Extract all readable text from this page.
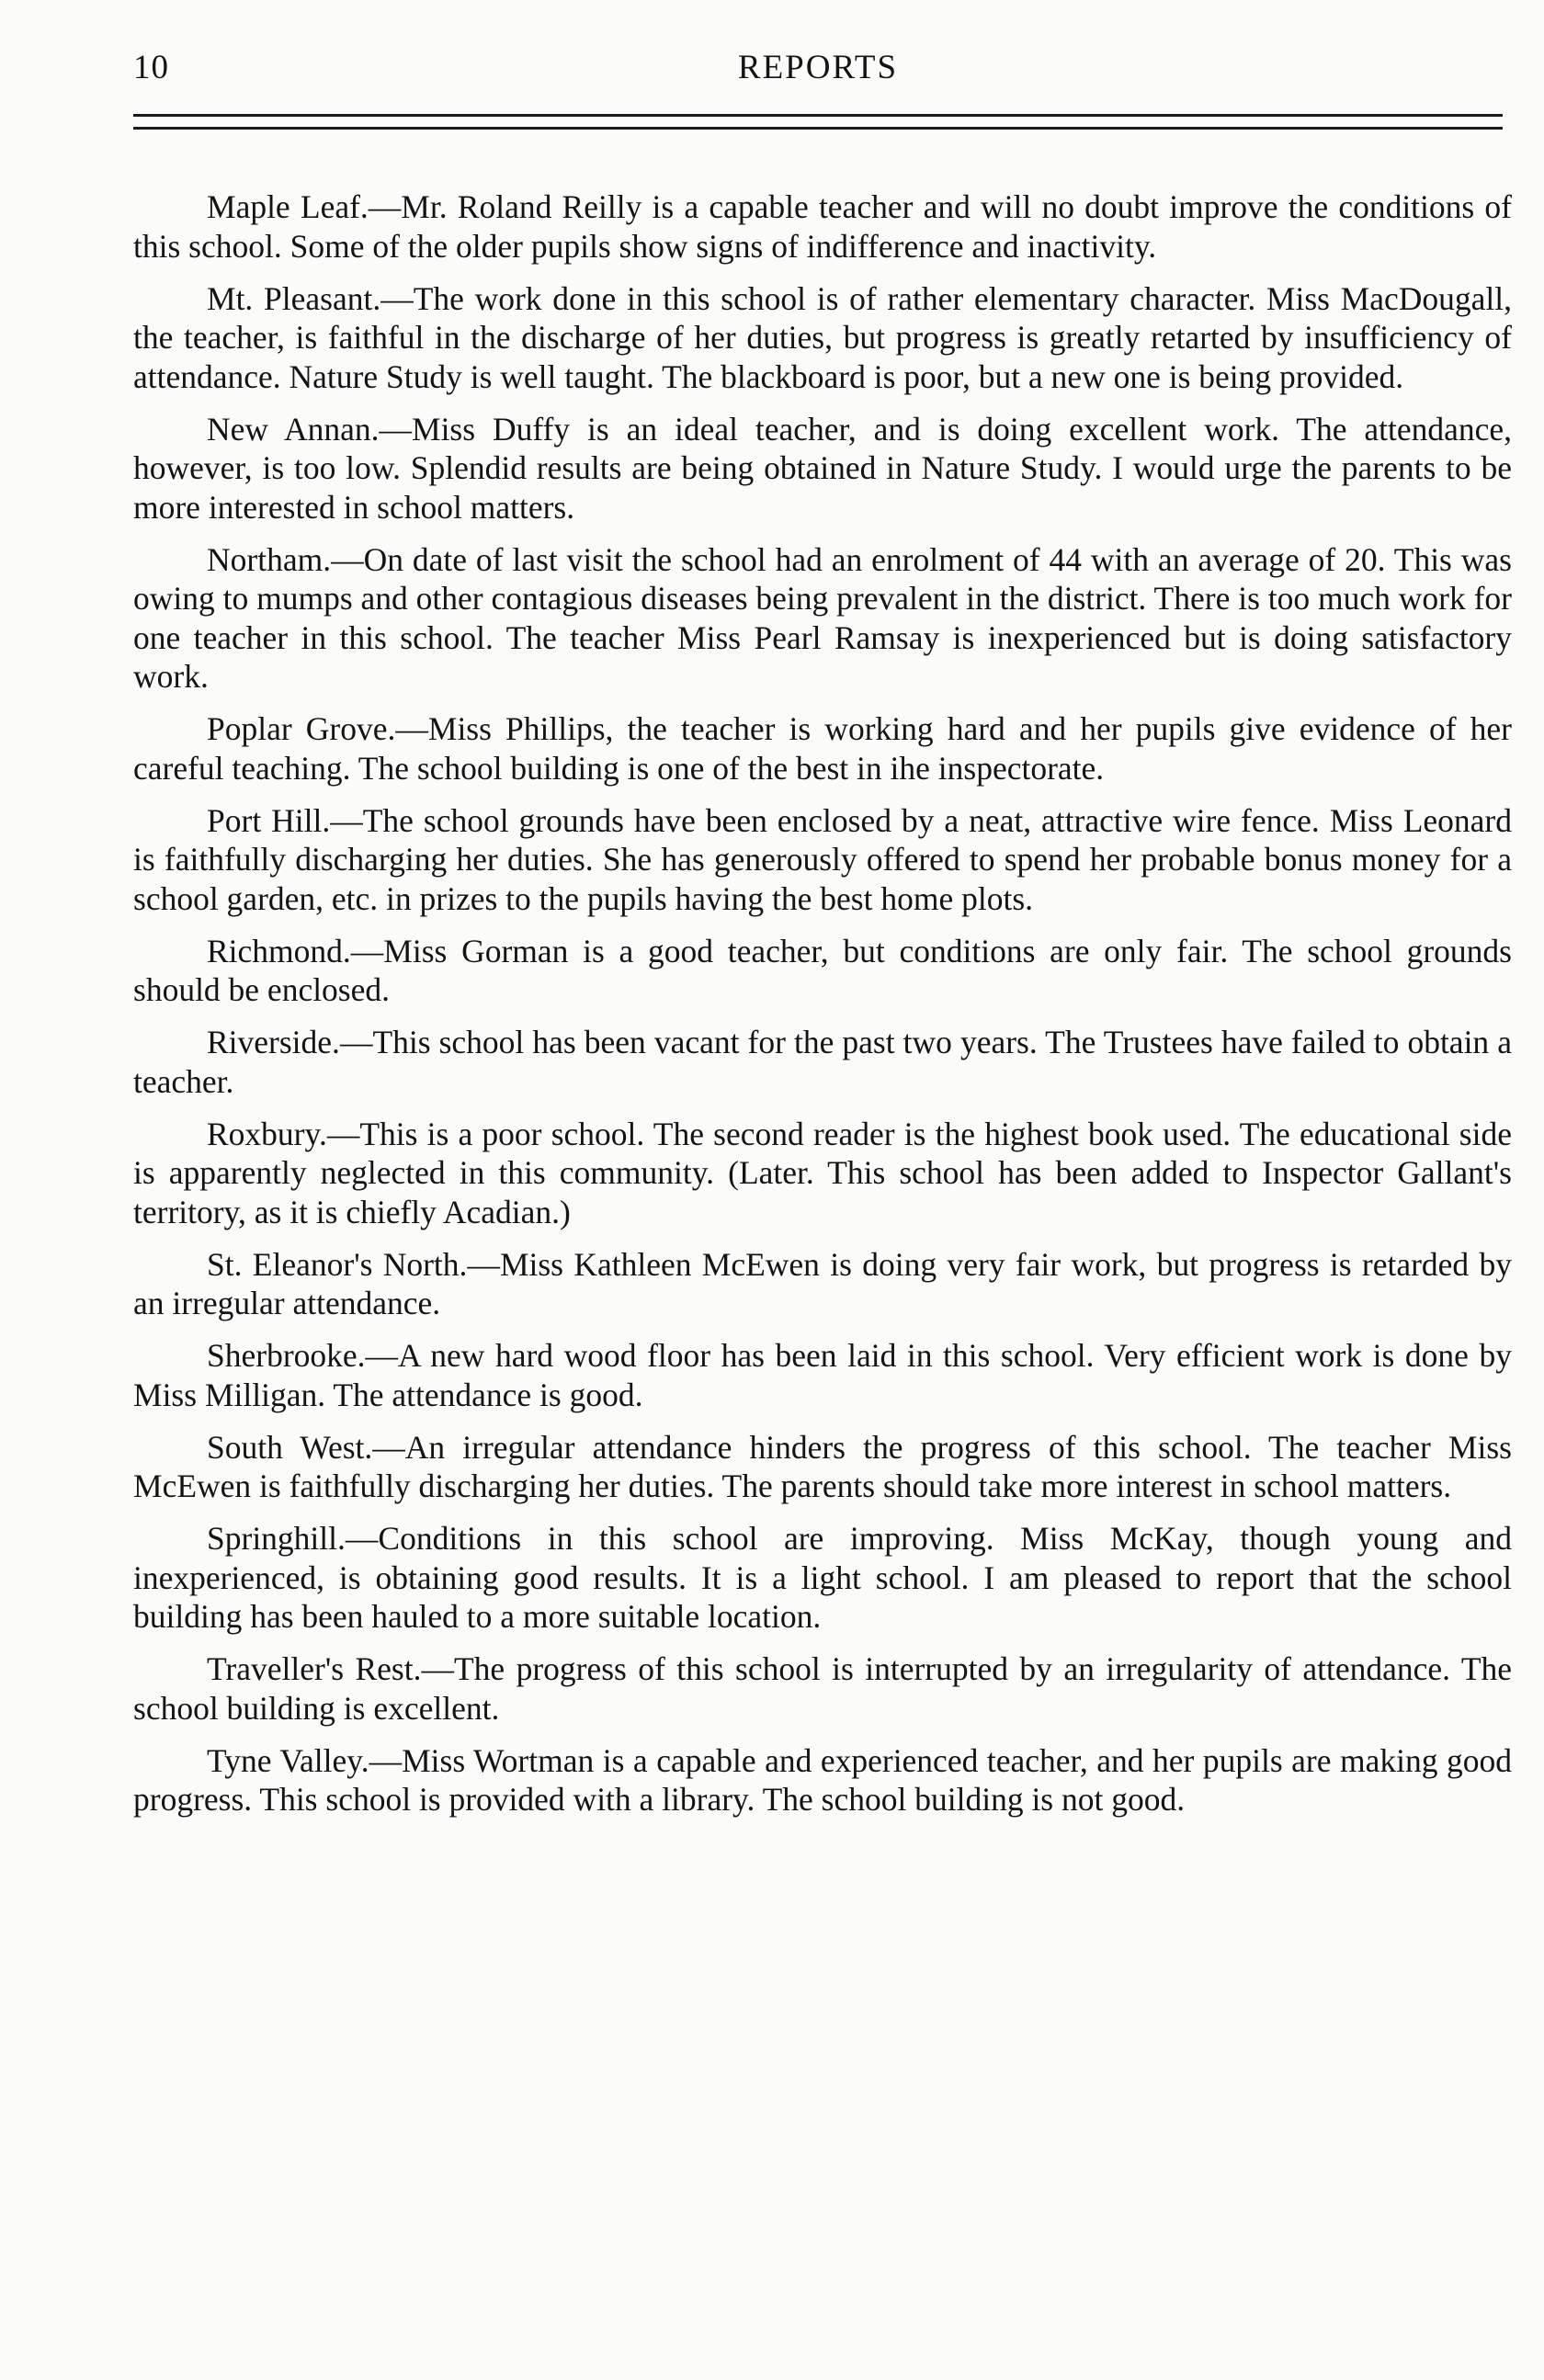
10	REPORTS

Maple Leaf.—Mr. Roland Reilly is a capable teacher and will no doubt improve the conditions of this school. Some of the older pupils show signs of indifference and inactivity.

Mt. Pleasant.—The work done in this school is of rather elementary character. Miss MacDougall, the teacher, is faithful in the discharge of her duties, but progress is greatly retarted by insufficiency of attendance. Nature Study is well taught. The blackboard is poor, but a new one is being provided.

New Annan.—Miss Duffy is an ideal teacher, and is doing excellent work. The attendance, however, is too low. Splendid results are being obtained in Nature Study. I would urge the parents to be more interested in school matters.

Northam.—On date of last visit the school had an enrolment of 44 with an average of 20. This was owing to mumps and other contagious diseases being prevalent in the district. There is too much work for one teacher in this school. The teacher Miss Pearl Ramsay is inexperienced but is doing satisfactory work.

Poplar Grove.—Miss Phillips, the teacher is working hard and her pupils give evidence of her careful teaching. The school building is one of the best in ihe inspectorate.

Port Hill.—The school grounds have been enclosed by a neat, attractive wire fence. Miss Leonard is faithfully discharging her duties. She has generously offered to spend her probable bonus money for a school garden, etc. in prizes to the pupils having the best home plots.

Richmond.—Miss Gorman is a good teacher, but conditions are only fair. The school grounds should be enclosed.

Riverside.—This school has been vacant for the past two years. The Trustees have failed to obtain a teacher.

Roxbury.—This is a poor school. The second reader is the highest book used. The educational side is apparently neglected in this community. (Later. This school has been added to Inspector Gallant's territory, as it is chiefly Acadian.)

St. Eleanor's North.—Miss Kathleen McEwen is doing very fair work, but progress is retarded by an irregular attendance.

Sherbrooke.—A new hard wood floor has been laid in this school. Very efficient work is done by Miss Milligan. The attendance is good.

South West.—An irregular attendance hinders the progress of this school. The teacher Miss McEwen is faithfully discharging her duties. The parents should take more interest in school matters.

Springhill.—Conditions in this school are improving. Miss McKay, though young and inexperienced, is obtaining good results. It is a light school. I am pleased to report that the school building has been hauled to a more suitable location.

Traveller's Rest.—The progress of this school is interrupted by an irregularity of attendance. The school building is excellent.

Tyne Valley.—Miss Wortman is a capable and experienced teacher, and her pupils are making good progress. This school is provided with a library. The school building is not good.
